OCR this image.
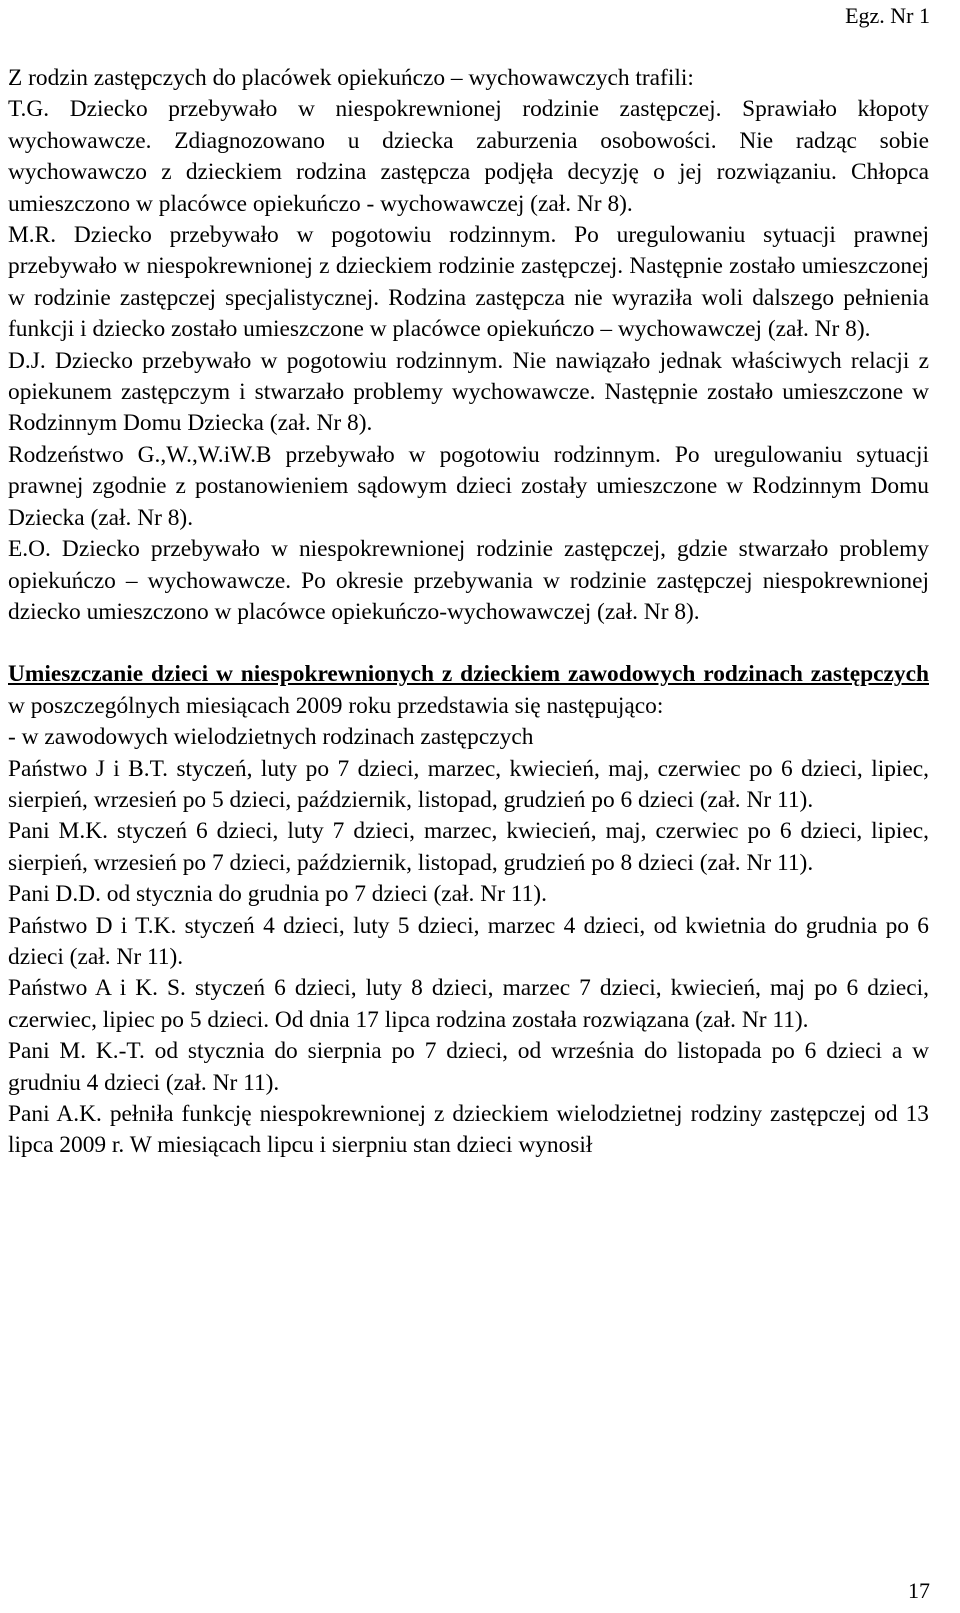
Egz. Nr 1

Z rodzin zastępczych do placówek opiekuńczo – wychowawczych trafili:

T.G. Dziecko przebywało w niespokrewnionej rodzinie zastępczej. Sprawiało kłopoty wychowawcze. Zdiagnozowano u dziecka zaburzenia osobowości. Nie radząc sobie wychowawczo z dzieckiem rodzina zastępcza podjęła decyzję o jej rozwiązaniu. Chłopca umieszczono w placówce opiekuńczo - wychowawczej (zał. Nr 8).

M.R. Dziecko przebywało w pogotowiu rodzinnym. Po uregulowaniu sytuacji prawnej przebywało w niespokrewnionej z dzieckiem rodzinie zastępczej. Następnie zostało umieszczonej w rodzinie zastępczej specjalistycznej. Rodzina zastępcza nie wyraziła woli dalszego pełnienia funkcji i dziecko zostało umieszczone w placówce opiekuńczo – wychowawczej (zał. Nr 8).

D.J. Dziecko przebywało w pogotowiu rodzinnym. Nie nawiązało jednak właściwych relacji z opiekunem zastępczym i stwarzało problemy wychowawcze. Następnie zostało umieszczone w Rodzinnym Domu Dziecka (zał. Nr 8).

Rodzeństwo G.,W.,W.iW.B przebywało w pogotowiu rodzinnym. Po uregulowaniu sytuacji prawnej zgodnie z postanowieniem sądowym dzieci zostały umieszczone w Rodzinnym Domu Dziecka (zał. Nr 8).

E.O. Dziecko przebywało w niespokrewnionej rodzinie zastępczej, gdzie stwarzało problemy opiekuńczo – wychowawcze. Po okresie przebywania w rodzinie zastępczej niespokrewnionej dziecko umieszczono w placówce opiekuńczo-wychowawczej (zał. Nr 8).

Umieszczanie dzieci w niespokrewnionych z dzieckiem zawodowych rodzinach zastępczych w poszczególnych miesiącach 2009 roku przedstawia się następująco:

- w zawodowych wielodzietnych rodzinach zastępczych

Państwo J i B.T. styczeń, luty po 7 dzieci, marzec, kwiecień, maj, czerwiec po 6 dzieci, lipiec, sierpień, wrzesień po 5 dzieci, październik, listopad, grudzień po 6 dzieci (zał. Nr 11).

Pani M.K. styczeń 6 dzieci, luty 7 dzieci, marzec, kwiecień, maj, czerwiec po 6 dzieci, lipiec, sierpień, wrzesień po 7 dzieci, październik, listopad, grudzień po 8 dzieci (zał. Nr 11).

Pani D.D. od stycznia do grudnia po 7 dzieci (zał. Nr 11).

Państwo D i T.K. styczeń 4 dzieci, luty 5 dzieci, marzec 4 dzieci, od kwietnia do grudnia po 6 dzieci (zał. Nr 11).

Państwo A i K. S. styczeń 6 dzieci, luty 8 dzieci, marzec 7 dzieci, kwiecień, maj po 6 dzieci, czerwiec, lipiec po 5 dzieci. Od dnia 17 lipca rodzina została rozwiązana (zał. Nr 11).

Pani M. K.-T. od stycznia do sierpnia po 7 dzieci, od września do listopada po 6 dzieci a w grudniu 4 dzieci (zał. Nr 11).

Pani A.K. pełniła funkcję niespokrewnionej z dzieckiem wielodzietnej rodziny zastępczej od 13 lipca 2009 r. W miesiącach lipcu i sierpniu stan dzieci wynosił

17
